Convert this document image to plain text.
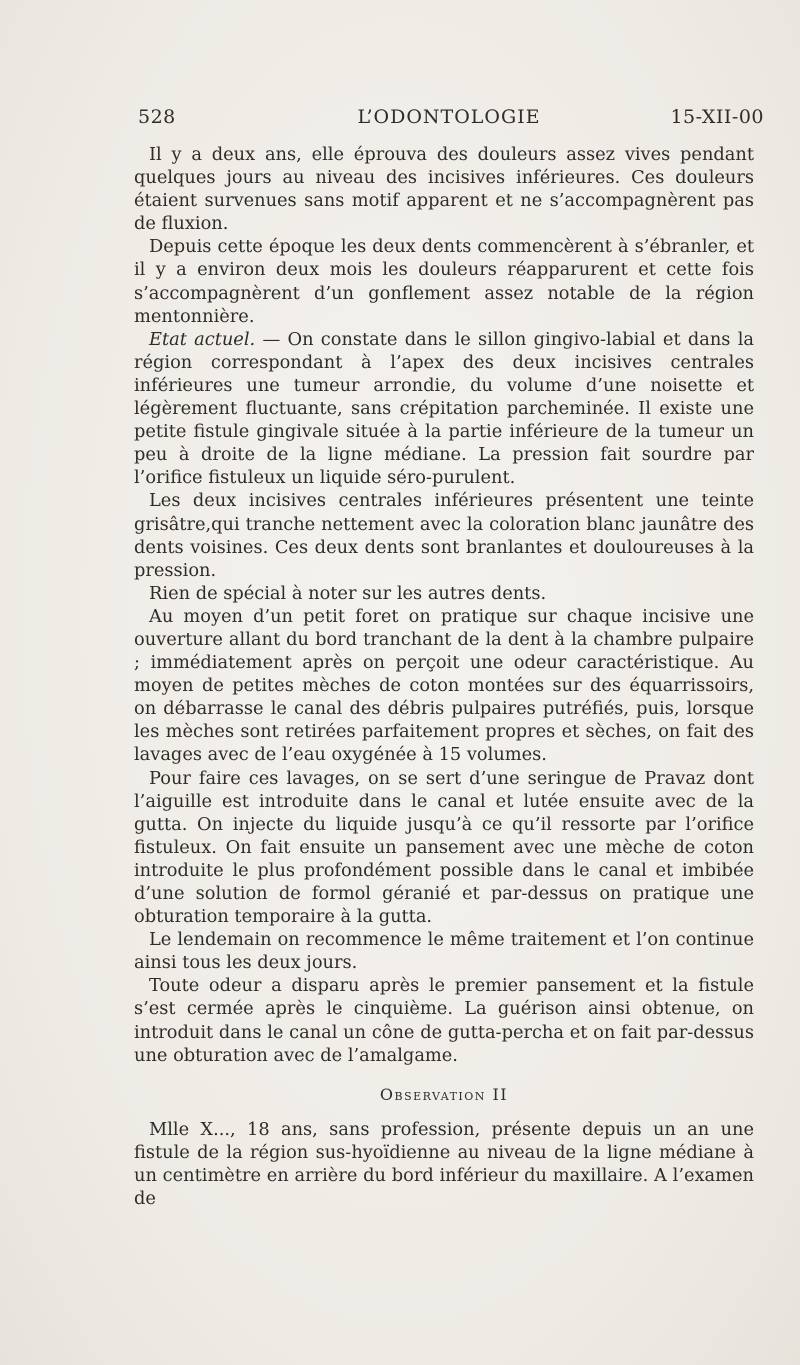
528	L’ODONTOLOGIE	15-XII-00

Il y a deux ans, elle éprouva des douleurs assez vives pendant quelques jours au niveau des incisives inférieures. Ces douleurs étaient survenues sans motif apparent et ne s’accompagnèrent pas de fluxion.

Depuis cette époque les deux dents commencèrent à s’ébranler, et il y a environ deux mois les douleurs réapparurent et cette fois s’accompagnèrent d’un gonflement assez notable de la région mentonnière.

Etat actuel. — On constate dans le sillon gingivo-labial et dans la région correspondant à l’apex des deux incisives centrales inférieures une tumeur arrondie, du volume d’une noisette et légèrement fluctuante, sans crépitation parcheminée. Il existe une petite fistule gingivale située à la partie inférieure de la tumeur un peu à droite de la ligne médiane. La pression fait sourdre par l’orifice fistuleux un liquide séro-purulent.

Les deux incisives centrales inférieures présentent une teinte grisâtre,qui tranche nettement avec la coloration blanc jaunâtre des dents voisines. Ces deux dents sont branlantes et douloureuses à la pression.

Rien de spécial à noter sur les autres dents.

Au moyen d’un petit foret on pratique sur chaque incisive une ouverture allant du bord tranchant de la dent à la chambre pulpaire ; immédiatement après on perçoit une odeur caractéristique. Au moyen de petites mèches de coton montées sur des équarrissoirs, on débarrasse le canal des débris pulpaires putréfiés, puis, lorsque les mèches sont retirées parfaitement propres et sèches, on fait des lavages avec de l’eau oxygénée à 15 volumes.

Pour faire ces lavages, on se sert d’une seringue de Pravaz dont l’aiguille est introduite dans le canal et lutée ensuite avec de la gutta. On injecte du liquide jusqu’à ce qu’il ressorte par l’orifice fistuleux. On fait ensuite un pansement avec une mèche de coton introduite le plus profondément possible dans le canal et imbibée d’une solution de formol géranié et par-dessus on pratique une obturation temporaire à la gutta.

Le lendemain on recommence le même traitement et l’on continue ainsi tous les deux jours.

Toute odeur a disparu après le premier pansement et la fistule s’est cermée après le cinquième. La guérison ainsi obtenue, on introduit dans le canal un cône de gutta-percha et on fait par-dessus une obturation avec de l’amalgame.

Observation II

Mlle X..., 18 ans, sans profession, présente depuis un an une fistule de la région sus-hyoïdienne au niveau de la ligne médiane à un centimètre en arrière du bord inférieur du maxillaire. A l’examen de
